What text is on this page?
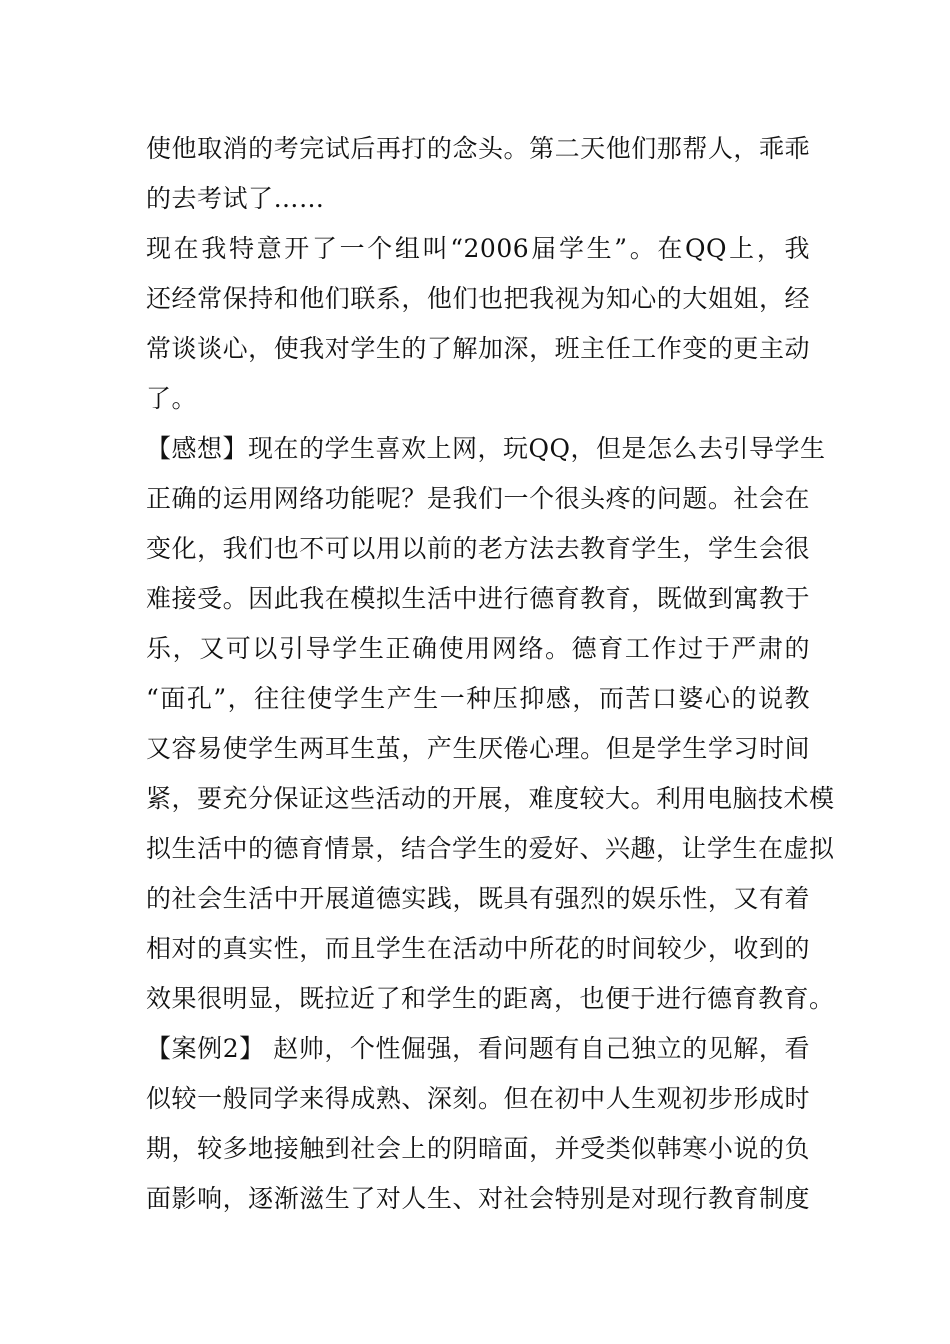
使他取消的考完试后再打的念头。第二天他们那帮人，乖乖
的去考试了……
现在我特意开了一个组叫“2006届学生”。在QQ上，我
还经常保持和他们联系，他们也把我视为知心的大姐姐，经
常谈谈心，使我对学生的了解加深，班主任工作变的更主动
了。
【感想】现在的学生喜欢上网，玩QQ，但是怎么去引导学生
正确的运用网络功能呢？是我们一个很头疼的问题。社会在
变化，我们也不可以用以前的老方法去教育学生，学生会很
难接受。因此我在模拟生活中进行德育教育，既做到寓教于
乐，又可以引导学生正确使用网络。德育工作过于严肃的
“面孔”，往往使学生产生一种压抑感，而苦口婆心的说教
又容易使学生两耳生茧，产生厌倦心理。但是学生学习时间
紧，要充分保证这些活动的开展，难度较大。利用电脑技术模
拟生活中的德育情景，结合学生的爱好、兴趣，让学生在虚拟
的社会生活中开展道德实践，既具有强烈的娱乐性，又有着
相对的真实性，而且学生在活动中所花的时间较少，收到的
效果很明显，既拉近了和学生的距离，也便于进行德育教育。
【案例2】 赵帅，个性倔强，看问题有自己独立的见解，看
似较一般同学来得成熟、深刻。但在初中人生观初步形成时
期，较多地接触到社会上的阴暗面，并受类似韩寒小说的负
面影响，逐渐滋生了对人生、对社会特别是对现行教育制度
